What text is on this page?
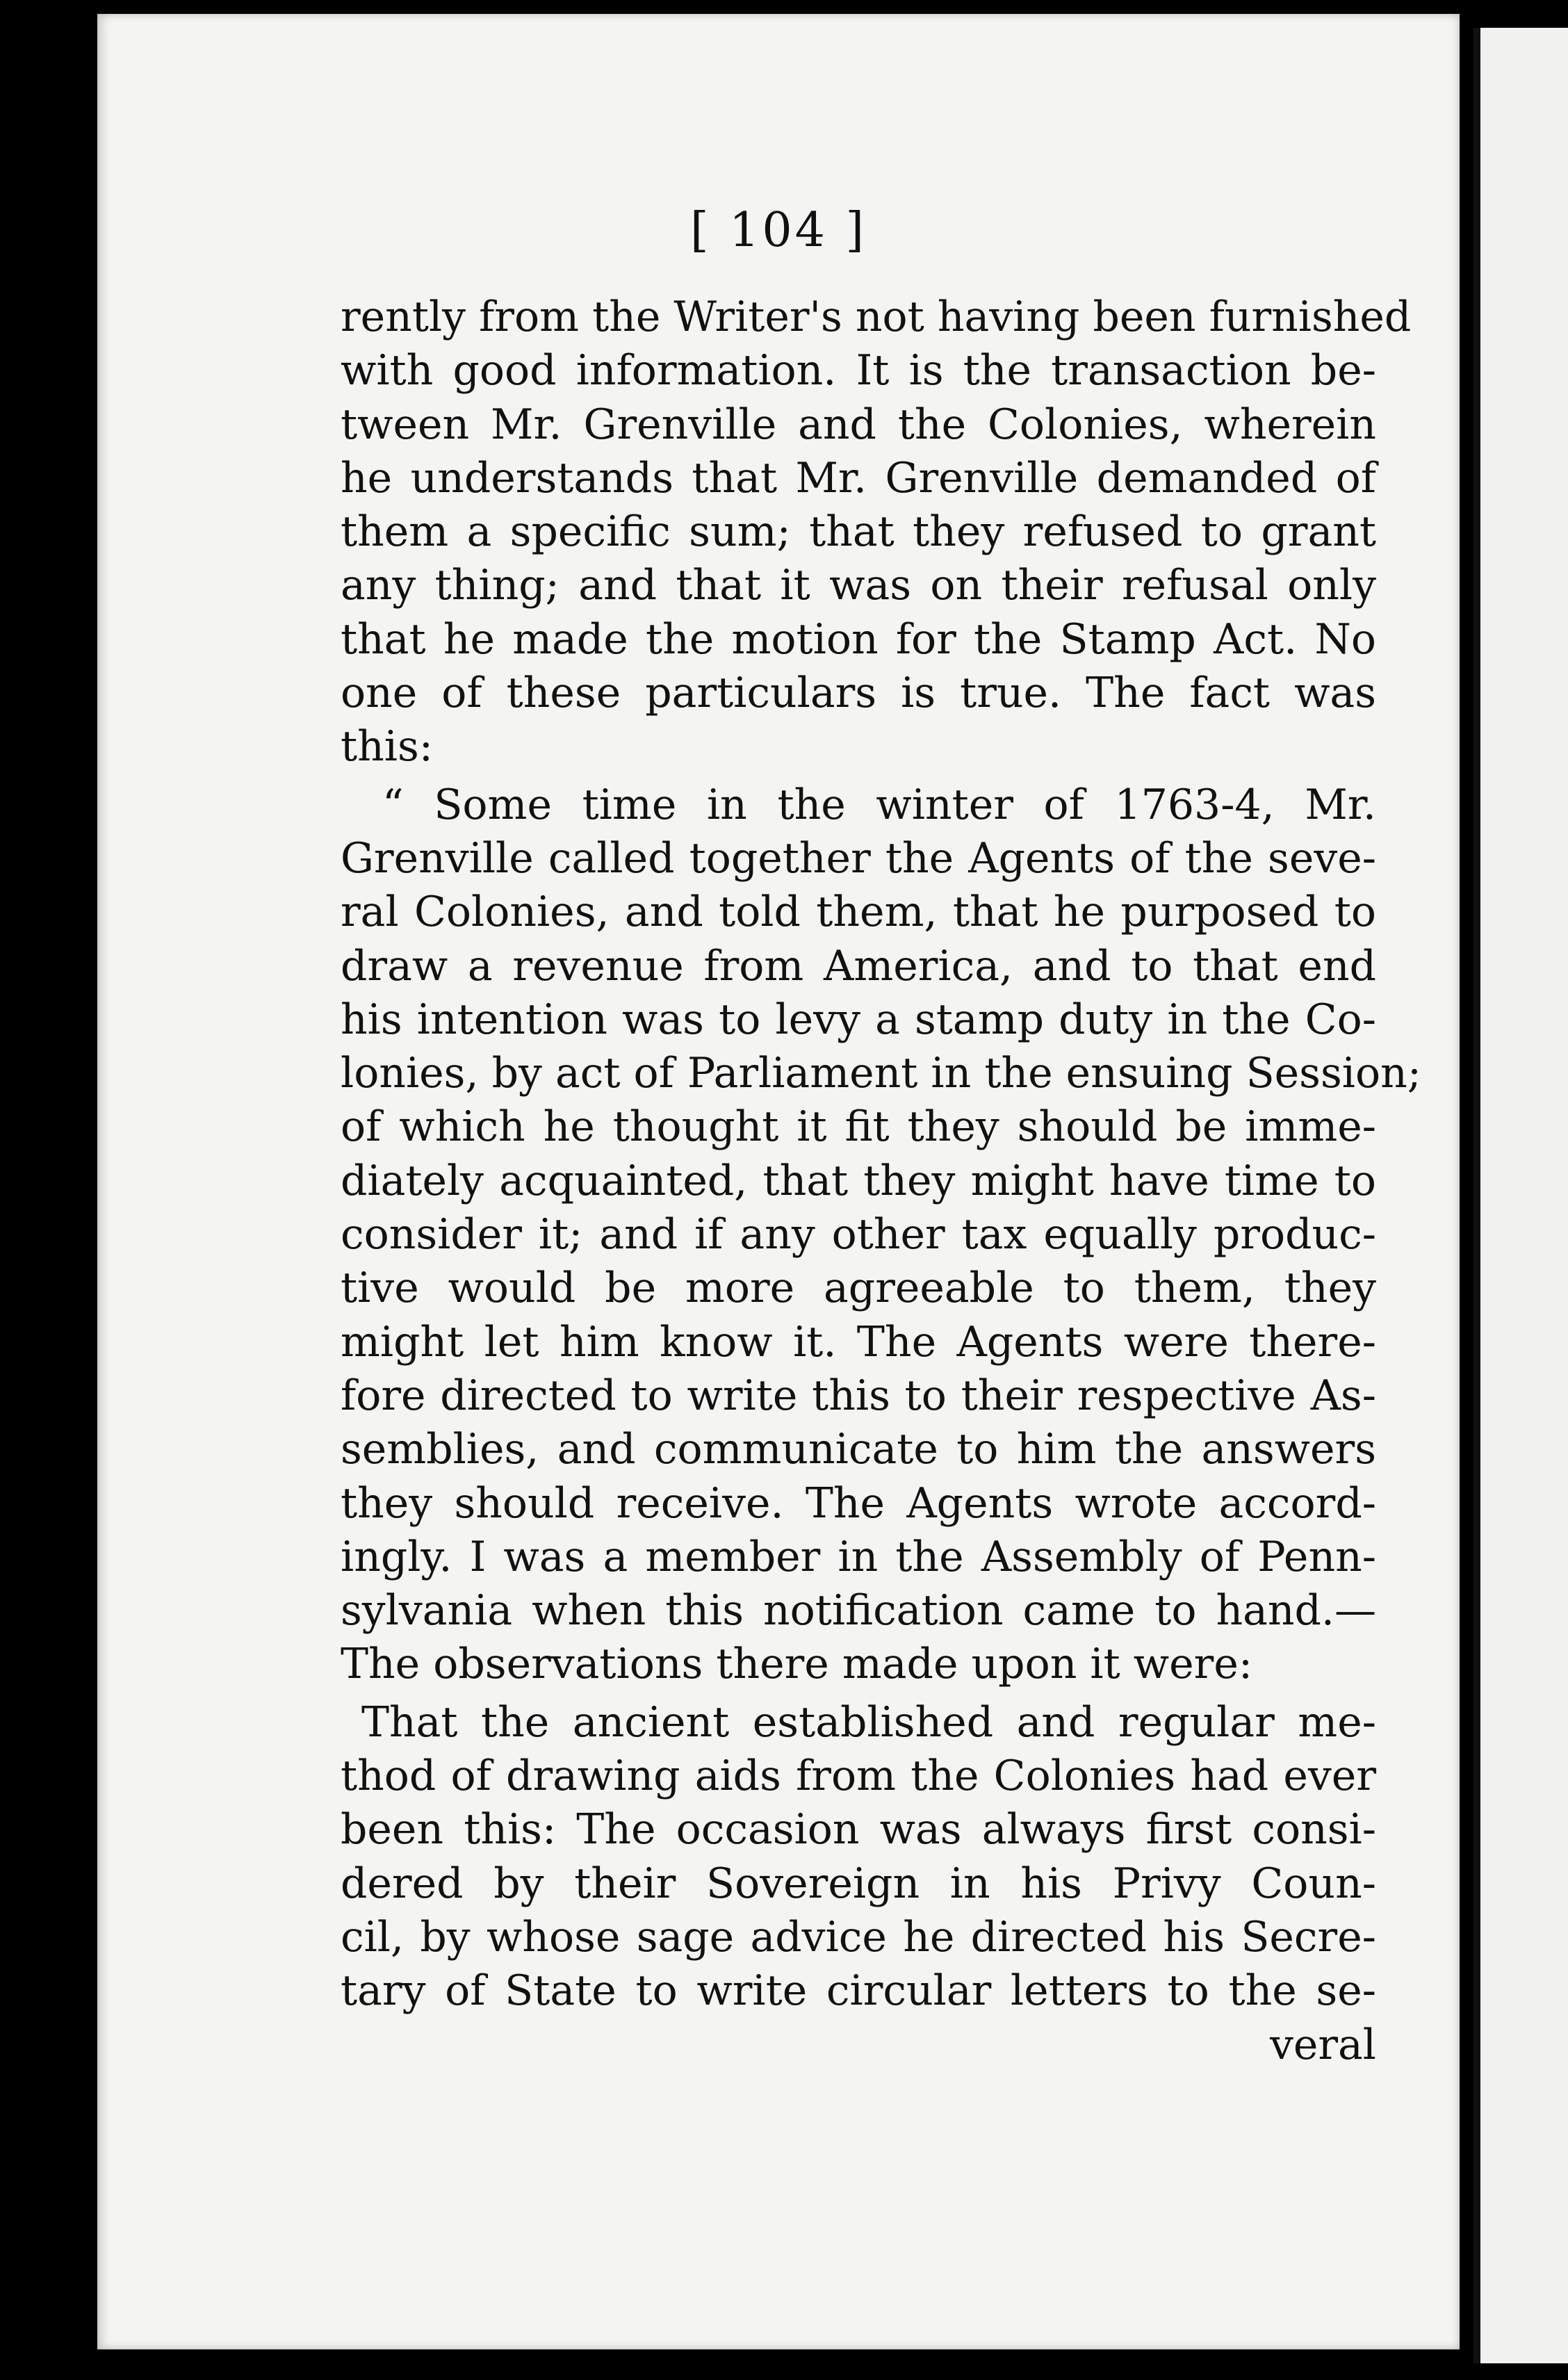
[ 104 ]
rently from the Writer's not having been furnished
with good information. It is the transaction be-
tween Mr. Grenville and the Colonies, wherein
he understands that Mr. Grenville demanded of
them a specific sum; that they refused to grant
any thing; and that it was on their refusal only
that he made the motion for the Stamp Act. No
one of these particulars is true. The fact was
this:
“ Some time in the winter of 1763-4, Mr.
Grenville called together the Agents of the seve-
ral Colonies, and told them, that he purposed to
draw a revenue from America, and to that end
his intention was to levy a stamp duty in the Co-
lonies, by act of Parliament in the ensuing Session;
of which he thought it fit they should be imme-
diately acquainted, that they might have time to
consider it; and if any other tax equally produc-
tive would be more agreeable to them, they
might let him know it. The Agents were there-
fore directed to write this to their respective As-
semblies, and communicate to him the answers
they should receive. The Agents wrote accord-
ingly. I was a member in the Assembly of Penn-
sylvania when this notification came to hand.—
The observations there made upon it were:
That the ancient established and regular me-
thod of drawing aids from the Colonies had ever
been this: The occasion was always first consi-
dered by their Sovereign in his Privy Coun-
cil, by whose sage advice he directed his Secre-
tary of State to write circular letters to the se-
veral
